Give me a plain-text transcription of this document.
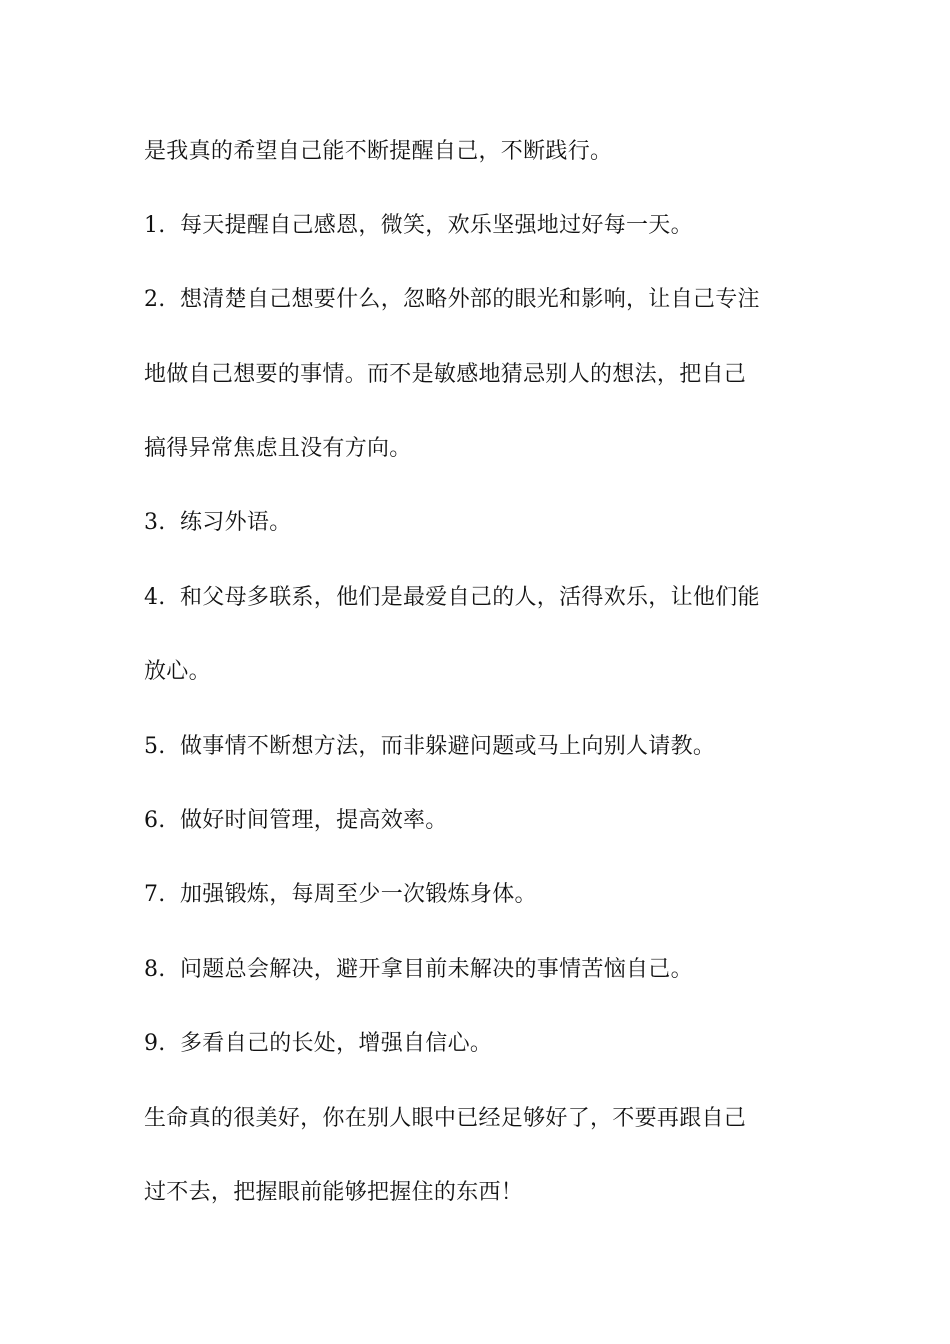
是我真的希望自己能不断提醒自己，不断践行。
1. 每天提醒自己感恩，微笑，欢乐坚强地过好每一天。
2. 想清楚自己想要什么，忽略外部的眼光和影响，让自己专注
地做自己想要的事情。而不是敏感地猜忌别人的想法，把自己
搞得异常焦虑且没有方向。
3. 练习外语。
4. 和父母多联系，他们是最爱自己的人，活得欢乐，让他们能
放心。
5. 做事情不断想方法，而非躲避问题或马上向别人请教。
6. 做好时间管理，提高效率。
7. 加强锻炼，每周至少一次锻炼身体。
8. 问题总会解决，避开拿目前未解决的事情苦恼自己。
9. 多看自己的长处，增强自信心。
生命真的很美好，你在别人眼中已经足够好了，不要再跟自己
过不去，把握眼前能够把握住的东西！
